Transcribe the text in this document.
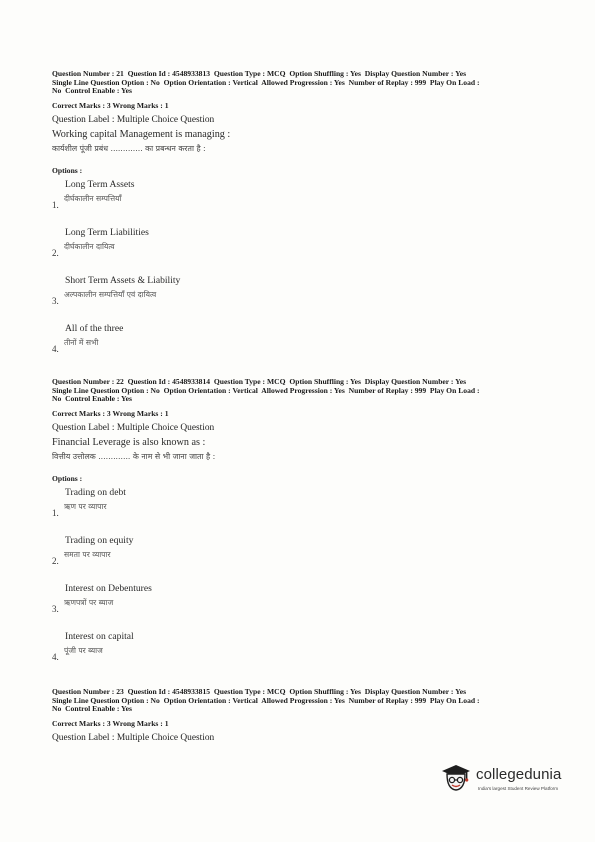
Question Number : 21  Question Id : 4548933813  Question Type : MCQ  Option Shuffling : Yes  Display Question Number : Yes
Single Line Question Option : No  Option Orientation : Vertical  Allowed Progression : Yes  Number of Replay : 999  Play On Load :
No  Control Enable : Yes
Correct Marks : 3 Wrong Marks : 1
Question Label : Multiple Choice Question
Working capital Management is managing :
कार्यशील पूंजी प्रबंध ............. का प्रबन्धन करता है :
Options :
Long Term Assets
दीर्घकालीन सम्पत्तियाँ
1.
Long Term Liabilities
दीर्घकालीन दायित्व
2.
Short Term Assets & Liability
अल्पकालीन सम्पत्तियाँ एवं दायित्व
3.
All of the three
तीनों में सभी
4.
Question Number : 22  Question Id : 4548933814  Question Type : MCQ  Option Shuffling : Yes  Display Question Number : Yes
Single Line Question Option : No  Option Orientation : Vertical  Allowed Progression : Yes  Number of Replay : 999  Play On Load :
No  Control Enable : Yes
Correct Marks : 3 Wrong Marks : 1
Question Label : Multiple Choice Question
Financial Leverage is also known as :
वित्तीय उत्तोलक ............. के नाम से भी जाना जाता है :
Options :
Trading on debt
ऋण पर व्यापार
1.
Trading on equity
समता पर व्यापार
2.
Interest on Debentures
ऋणपत्रों पर ब्याज
3.
Interest on capital
पूंजी पर ब्याज
4.
Question Number : 23  Question Id : 4548933815  Question Type : MCQ  Option Shuffling : Yes  Display Question Number : Yes
Single Line Question Option : No  Option Orientation : Vertical  Allowed Progression : Yes  Number of Replay : 999  Play On Load :
No  Control Enable : Yes
Correct Marks : 3 Wrong Marks : 1
Question Label : Multiple Choice Question
collegedunia
India's largest Student Review Platform
